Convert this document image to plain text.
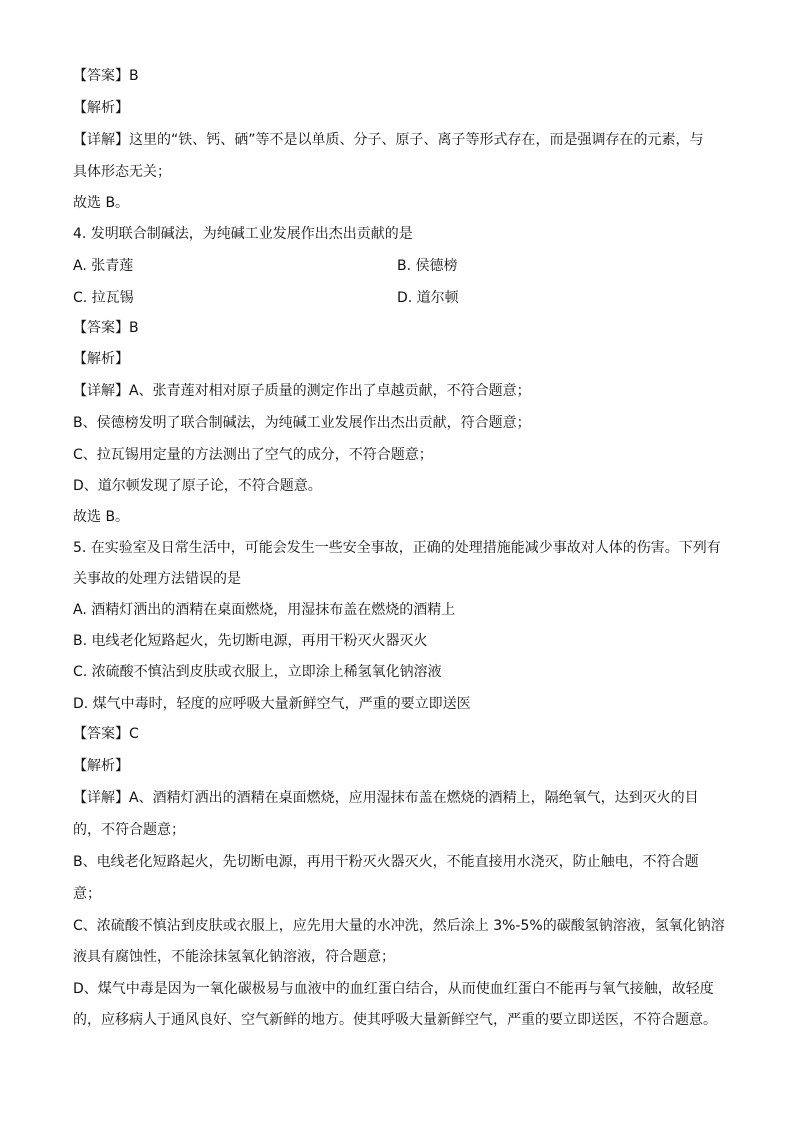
【答案】B
【解析】
【详解】这里的“铁、钙、硒”等不是以单质、分子、原子、离子等形式存在，而是强调存在的元素，与
具体形态无关；
故选 B。
4. 发明联合制碱法，为纯碱工业发展作出杰出贡献的是
A. 张青莲	B. 侯德榜
C. 拉瓦锡	D. 道尔顿
【答案】B
【解析】
【详解】A、张青莲对相对原子质量的测定作出了卓越贡献，不符合题意；
B、侯德榜发明了联合制碱法，为纯碱工业发展作出杰出贡献，符合题意；
C、拉瓦锡用定量的方法测出了空气的成分，不符合题意；
D、道尔顿发现了原子论，不符合题意。
故选 B。
5. 在实验室及日常生活中，可能会发生一些安全事故，正确的处理措施能减少事故对人体的伤害。下列有
关事故的处理方法错误的是
A. 酒精灯洒出的酒精在桌面燃烧，用湿抹布盖在燃烧的酒精上
B. 电线老化短路起火，先切断电源，再用干粉灭火器灭火
C. 浓硫酸不慎沾到皮肤或衣服上，立即涂上稀氢氧化钠溶液
D. 煤气中毒时，轻度的应呼吸大量新鲜空气，严重的要立即送医
【答案】C
【解析】
【详解】A、酒精灯洒出的酒精在桌面燃烧，应用湿抹布盖在燃烧的酒精上，隔绝氧气，达到灭火的目
的，不符合题意；
B、电线老化短路起火，先切断电源，再用干粉灭火器灭火，不能直接用水浇灭，防止触电，不符合题
意；
C、浓硫酸不慎沾到皮肤或衣服上，应先用大量的水冲洗，然后涂上 3%-5%的碳酸氢钠溶液，氢氧化钠溶
液具有腐蚀性，不能涂抹氢氧化钠溶液，符合题意；
D、煤气中毒是因为一氧化碳极易与血液中的血红蛋白结合，从而使血红蛋白不能再与氧气接触，故轻度
的，应移病人于通风良好、空气新鲜的地方。使其呼吸大量新鲜空气，严重的要立即送医，不符合题意。
